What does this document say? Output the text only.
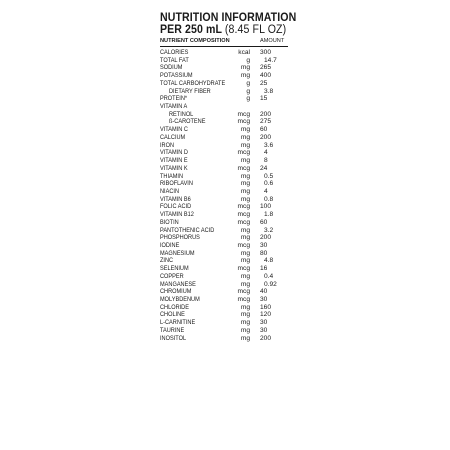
NUTRITION INFORMATION
PER 250 mL (8.45 FL OZ)
NUTRIENT COMPOSITION	AMOUNT
CALORIES	kcal 300
TOTAL FAT	g 14.7
SODIUM	mg 265
POTASSIUM	mg 400
TOTAL CARBOHYDRATE	g 25
DIETARY FIBER	g 3.8
PROTEIN*	g 15
VITAMIN A
RETINOL	mcg 200
ß-CAROTENE	mcg 275
VITAMIN C	mg 60
CALCIUM	mg 200
IRON	mg 3.6
VITAMIN D	mcg 4
VITAMIN E	mg 8
VITAMIN K	mcg 24
THIAMIN	mg 0.5
RIBOFLAVIN	mg 0.6
NIACIN	mg 4
VITAMIN B6	mg 0.8
FOLIC ACID	mcg 100
VITAMIN B12	mcg 1.8
BIOTIN	mcg 60
PANTOTHENIC ACID	mg 3.2
PHOSPHORUS	mg 200
IODINE	mcg 30
MAGNESIUM	mg 80
ZINC	mg 4.8
SELENIUM	mcg 16
COPPER	mg 0.4
MANGANESE	mg 0.92
CHROMIUM	mcg 40
MOLYBDENUM	mcg 30
CHLORIDE	mg 160
CHOLINE	mg 120
L-CARNITINE	mg 30
TAURINE	mg 30
INOSITOL	mg 200
